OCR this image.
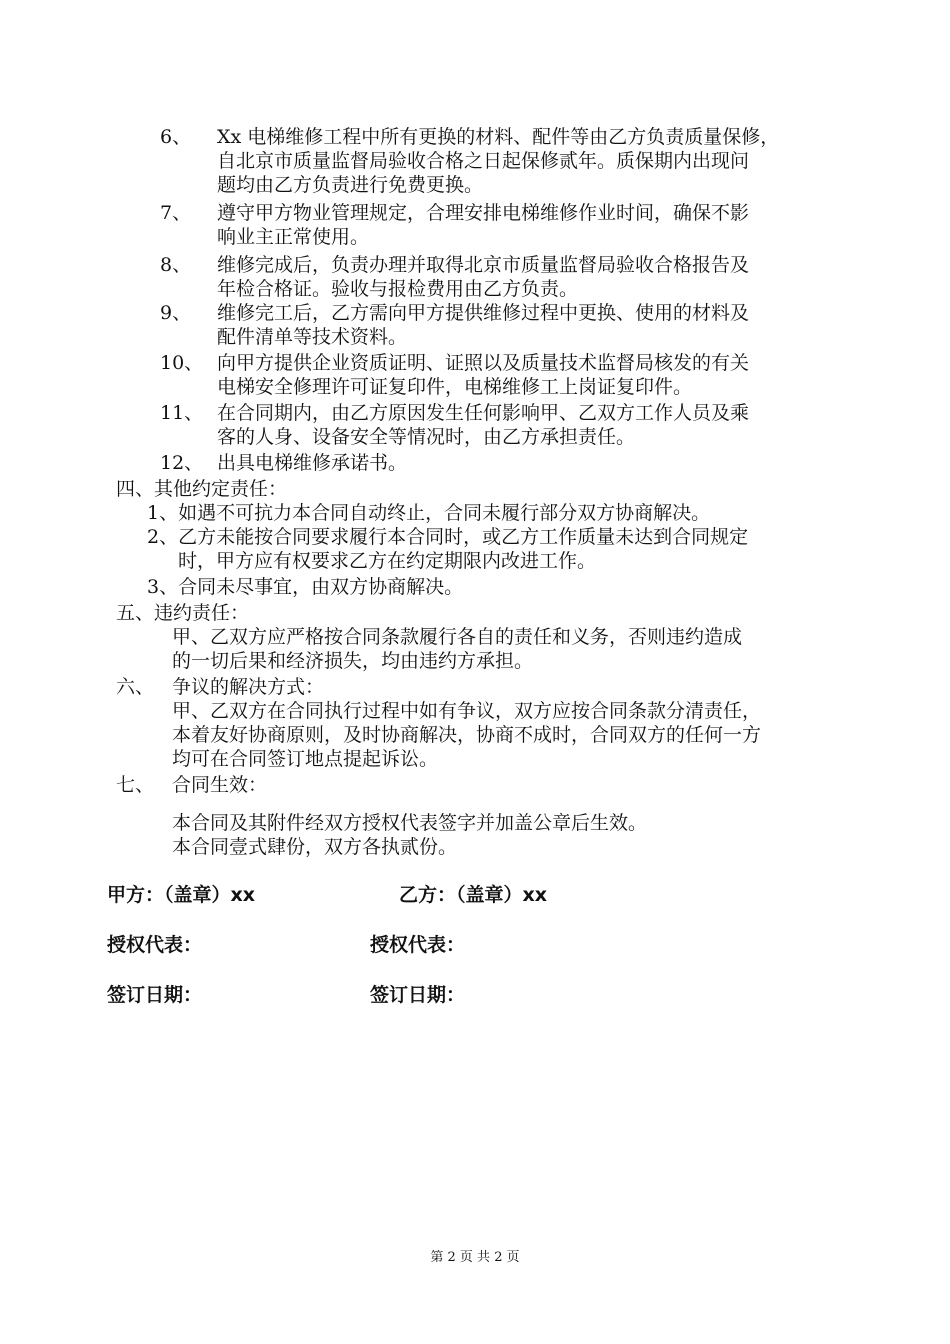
6、 Xx 电梯维修工程中所有更换的材料、配件等由乙方负责质量保修，
自北京市质量监督局验收合格之日起保修贰年。质保期内出现问
题均由乙方负责进行免费更换。
7、 遵守甲方物业管理规定，合理安排电梯维修作业时间，确保不影
响业主正常使用。
8、 维修完成后，负责办理并取得北京市质量监督局验收合格报告及
年检合格证。验收与报检费用由乙方负责。
9、 维修完工后，乙方需向甲方提供维修过程中更换、使用的材料及
配件清单等技术资料。
10、 向甲方提供企业资质证明、证照以及质量技术监督局核发的有关
电梯安全修理许可证复印件，电梯维修工上岗证复印件。
11、 在合同期内，由乙方原因发生任何影响甲、乙双方工作人员及乘
客的人身、设备安全等情况时，由乙方承担责任。
12、 出具电梯维修承诺书。
四、其他约定责任：
1、如遇不可抗力本合同自动终止，合同未履行部分双方协商解决。
2、乙方未能按合同要求履行本合同时，或乙方工作质量未达到合同规定
时，甲方应有权要求乙方在约定期限内改进工作。
3、合同未尽事宜，由双方协商解决。
五、违约责任：
甲、乙双方应严格按合同条款履行各自的责任和义务，否则违约造成
的一切后果和经济损失，均由违约方承担。
六、 争议的解决方式：
甲、乙双方在合同执行过程中如有争议，双方应按合同条款分清责任，
本着友好协商原则，及时协商解决，协商不成时，合同双方的任何一方
均可在合同签订地点提起诉讼。
七、 合同生效：
本合同及其附件经双方授权代表签字并加盖公章后生效。
本合同壹式肆份，双方各执贰份。
甲方：（盖章）xx	乙方：（盖章）xx
授权代表：	授权代表：
签订日期：	签订日期：
第 2 页 共 2 页
